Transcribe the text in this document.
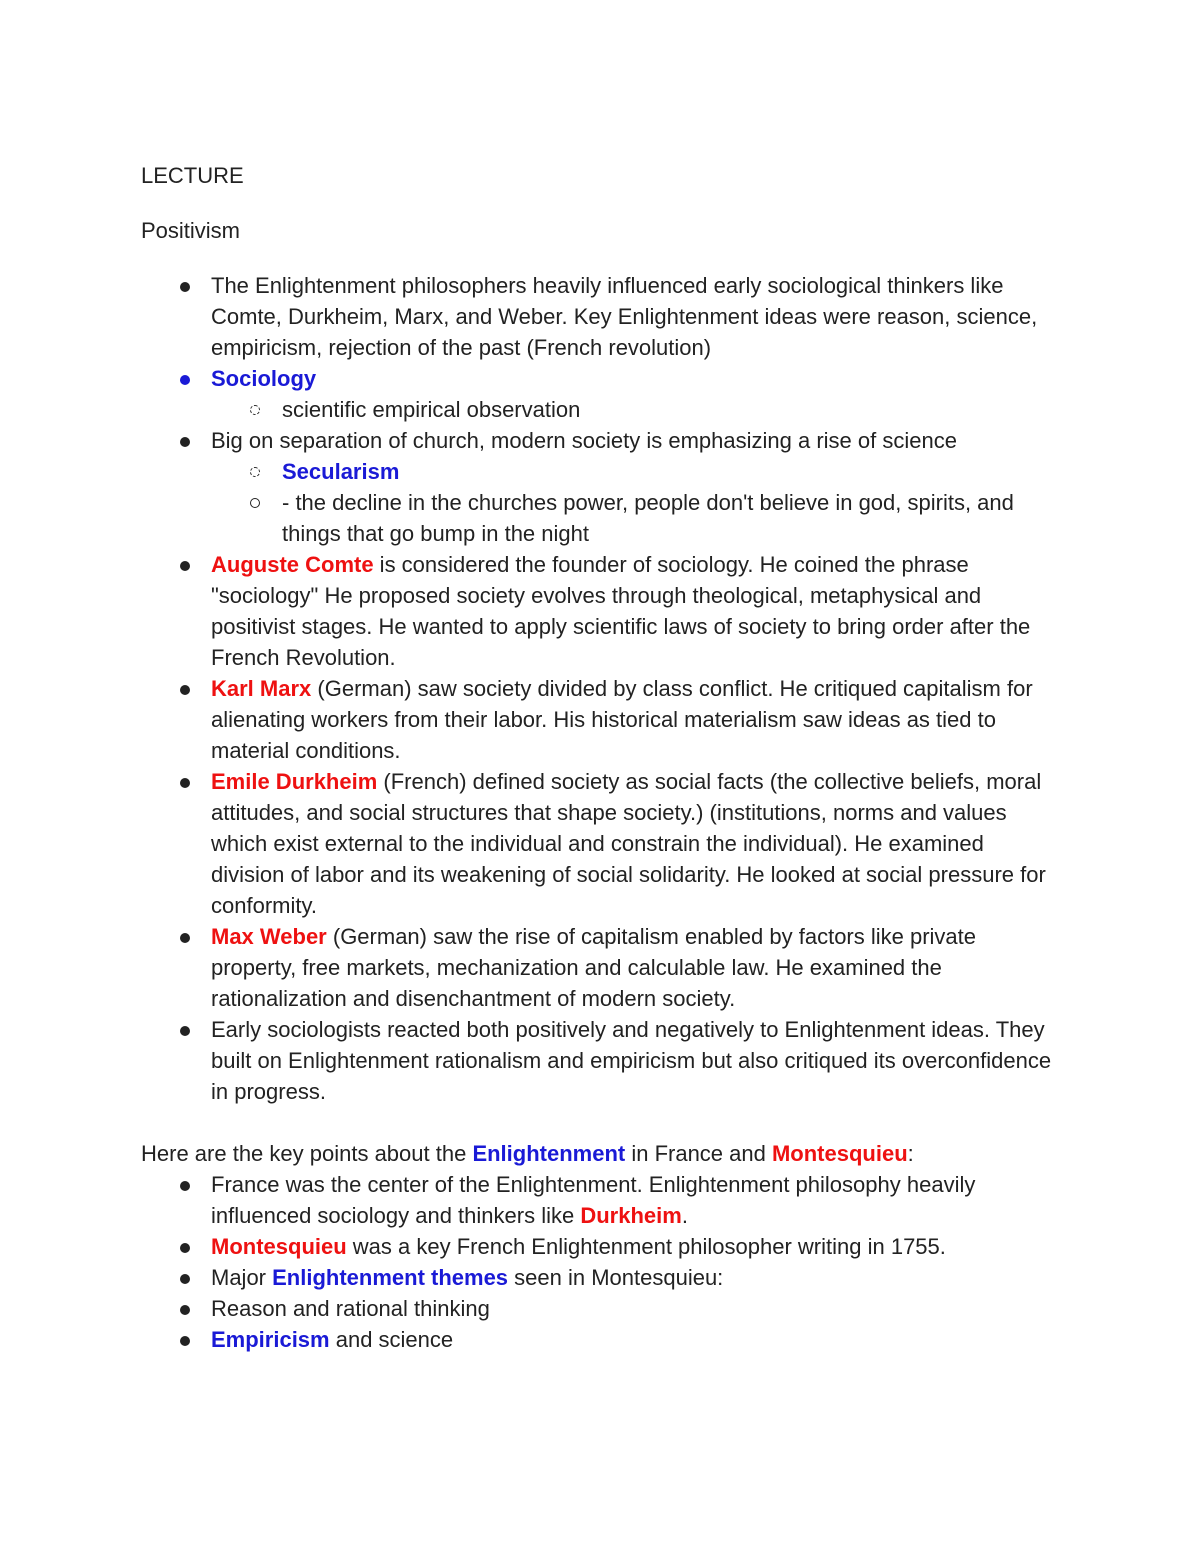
LECTURE

Positivism

The Enlightenment philosophers heavily influenced early sociological thinkers like Comte, Durkheim, Marx, and Weber. Key Enlightenment ideas were reason, science, empiricism, rejection of the past (French revolution)
Sociology
scientific empirical observation
Big on separation of church, modern society is emphasizing a rise of science
Secularism
- the decline in the churches power, people don't believe in god, spirits, and things that go bump in the night
Auguste Comte is considered the founder of sociology. He coined the phrase "sociology" He proposed society evolves through theological, metaphysical and positivist stages. He wanted to apply scientific laws of society to bring order after the French Revolution.
Karl Marx (German) saw society divided by class conflict. He critiqued capitalism for alienating workers from their labor. His historical materialism saw ideas as tied to material conditions.
Emile Durkheim (French) defined society as social facts (the collective beliefs, moral attitudes, and social structures that shape society.) (institutions, norms and values which exist external to the individual and constrain the individual). He examined division of labor and its weakening of social solidarity. He looked at social pressure for conformity.
Max Weber (German) saw the rise of capitalism enabled by factors like private property, free markets, mechanization and calculable law. He examined the rationalization and disenchantment of modern society.
Early sociologists reacted both positively and negatively to Enlightenment ideas. They built on Enlightenment rationalism and empiricism but also critiqued its overconfidence in progress.

Here are the key points about the Enlightenment in France and Montesquieu:

France was the center of the Enlightenment. Enlightenment philosophy heavily influenced sociology and thinkers like Durkheim.
Montesquieu was a key French Enlightenment philosopher writing in 1755.
Major Enlightenment themes seen in Montesquieu:
Reason and rational thinking
Empiricism and science
